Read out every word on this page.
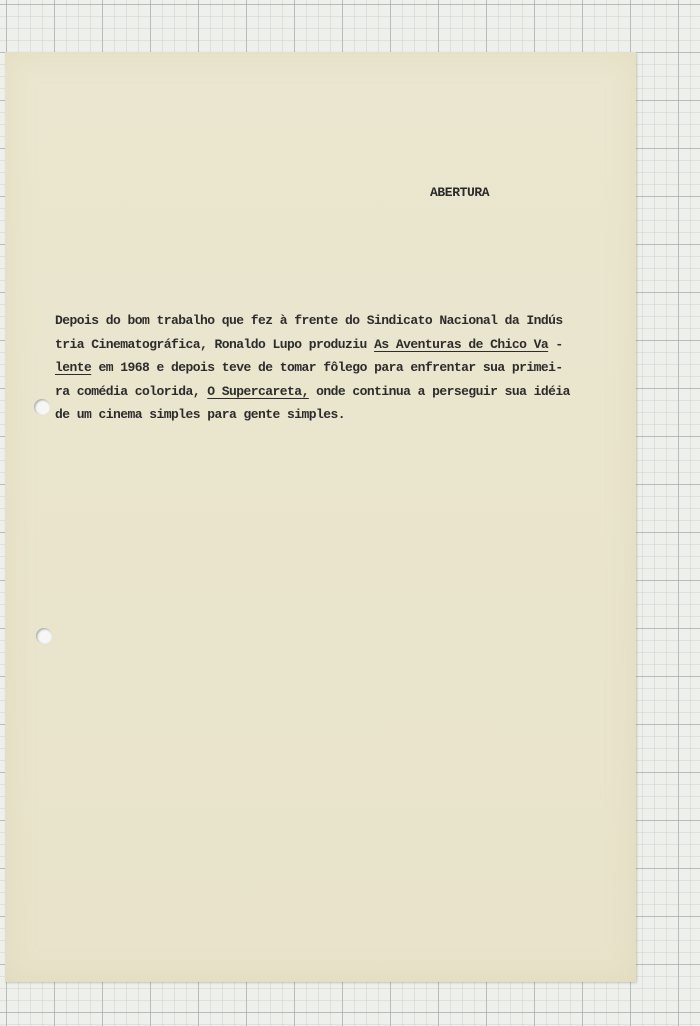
ABERTURA
Depois do bom trabalho que fez à frente do Sindicato Nacional da Indús
tria Cinematográfica, Ronaldo Lupo produziu As Aventuras de Chico Va -
lente em 1968 e depois teve de tomar fôlego para enfrentar sua primei-
ra comédia colorida, O Supercareta, onde continua a perseguir sua idéia
de um cinema simples para gente simples.
